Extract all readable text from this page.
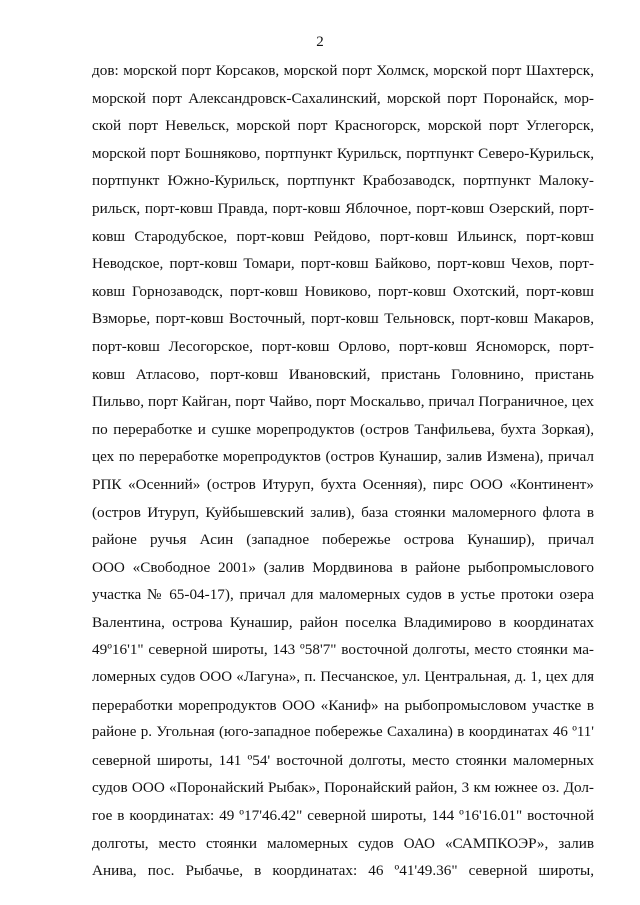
2
дов: морской порт Корсаков, морской порт Холмск, морской порт Шахтерск,
морской порт Александровск-Сахалинский, морской порт Поронайск, мор-
ской порт Невельск, морской порт Красногорск, морской порт Углегорск,
морской порт Бошняково, портпункт Курильск, портпункт Северо-Курильск,
портпункт Южно-Курильск, портпункт Крабозаводск, портпункт Малоку-
рильск, порт-ковш Правда, порт-ковш Яблочное, порт-ковш Озерский, порт-
ковш Стародубское, порт-ковш Рейдово, порт-ковш Ильинск, порт-ковш
Неводское, порт-ковш Томари, порт-ковш Байково, порт-ковш Чехов, порт-
ковш Горнозаводск, порт-ковш Новиково, порт-ковш Охотский, порт-ковш
Взморье, порт-ковш Восточный, порт-ковш Тельновск, порт-ковш Макаров,
порт-ковш Лесогорское, порт-ковш Орлово, порт-ковш Ясноморск, порт-
ковш Атласово, порт-ковш Ивановский, пристань Головнино, пристань
Пильво, порт Кайган, порт Чайво, порт Москальво, причал Пограничное, цех
по переработке и сушке морепродуктов (остров Танфильева, бухта Зоркая),
цех по переработке морепродуктов (остров Кунашир, залив Измена), причал
РПК «Осенний» (остров Итуруп, бухта Осенняя), пирс ООО «Континент»
(остров Итуруп, Куйбышевский залив), база стоянки маломерного флота в
районе ручья Асин (западное побережье острова Кунашир), причал
ООО «Свободное 2001» (залив Мордвинова в районе рыбопромыслового
участка № 65-04-17), причал для маломерных судов в устье протоки озера
Валентина, острова Кунашир, район поселка Владимирово в координатах
49º16'1" северной широты, 143 º58'7" восточной долготы, место стоянки ма-
ломерных судов ООО «Лагуна», п. Песчанское, ул. Центральная, д. 1, цех для
переработки морепродуктов ООО «Каниф» на рыбопромысловом участке в
районе р. Угольная (юго-западное побережье Сахалина) в координатах 46 º11'
северной широты, 141 º54' восточной долготы, место стоянки маломерных
судов ООО «Поронайский Рыбак», Поронайский район, 3 км южнее оз. Дол-
гое в координатах: 49 º17'46.42" северной широты, 144 º16'16.01" восточной
долготы, место стоянки маломерных судов ОАО «САМПКОЭР», залив
Анива, пос. Рыбачье, в координатах: 46 º41'49.36" северной широты,
